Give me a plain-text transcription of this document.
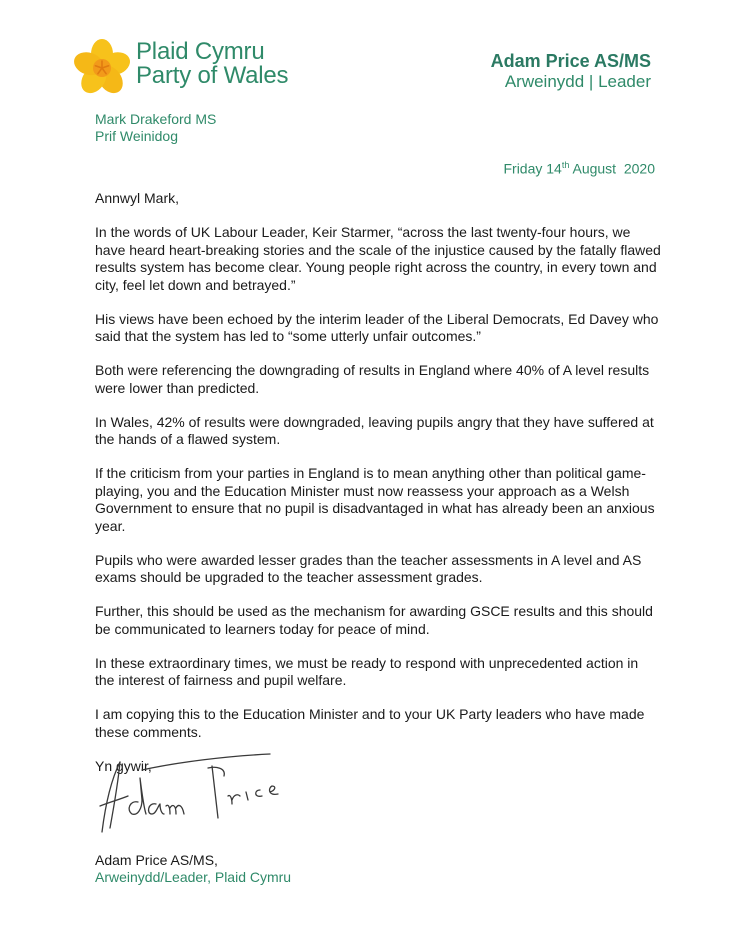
Plaid Cymru
Party of Wales
Adam Price AS/MS
Arweinydd | Leader
Mark Drakeford MS
Prif Weinidog
Friday 14th August  2020

Annwyl Mark,

In the words of UK Labour Leader, Keir Starmer, “across the last twenty-four hours, we have heard heart-breaking stories and the scale of the injustice caused by the fatally flawed results system has become clear. Young people right across the country, in every town and city, feel let down and betrayed.”

His views have been echoed by the interim leader of the Liberal Democrats, Ed Davey who said that the system has led to “some utterly unfair outcomes.”

Both were referencing the downgrading of results in England where 40% of A level results were lower than predicted.

In Wales, 42% of results were downgraded, leaving pupils angry that they have suffered at the hands of a flawed system.

If the criticism from your parties in England is to mean anything other than political game-playing, you and the Education Minister must now reassess your approach as a Welsh Government to ensure that no pupil is disadvantaged in what has already been an anxious year.

Pupils who were awarded lesser grades than the teacher assessments in A level and AS exams should be upgraded to the teacher assessment grades.

Further, this should be used as the mechanism for awarding GSCE results and this should be communicated to learners today for peace of mind.

In these extraordinary times, we must be ready to respond with unprecedented action in the interest of fairness and pupil welfare.

I am copying this to the Education Minister and to your UK Party leaders who have made these comments.

Yn gywir,

Adam Price AS/MS,
Arweinydd/Leader, Plaid Cymru
